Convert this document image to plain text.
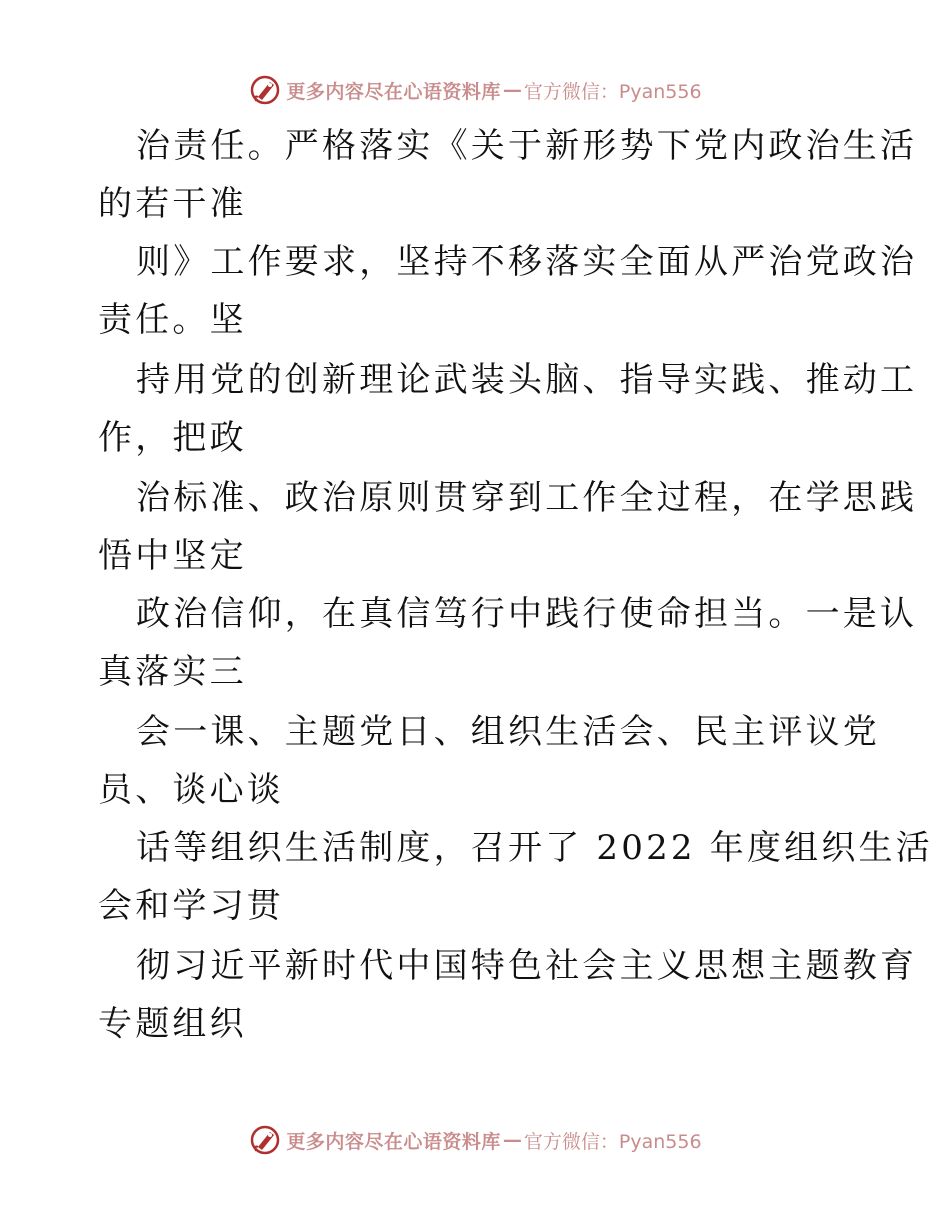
更多内容尽在心语资料库 — 官方微信：Pyan556
治责任。严格落实《关于新形势下党内政治生活
的若干准
则》工作要求，坚持不移落实全面从严治党政治
责任。坚
持用党的创新理论武装头脑、指导实践、推动工
作，把政
治标准、政治原则贯穿到工作全过程，在学思践
悟中坚定
政治信仰，在真信笃行中践行使命担当。一是认
真落实三
会一课、主题党日、组织生活会、民主评议党
员、谈心谈
话等组织生活制度，召开了 2022 年度组织生活
会和学习贯
彻习近平新时代中国特色社会主义思想主题教育
专题组织
更多内容尽在心语资料库 — 官方微信：Pyan556
